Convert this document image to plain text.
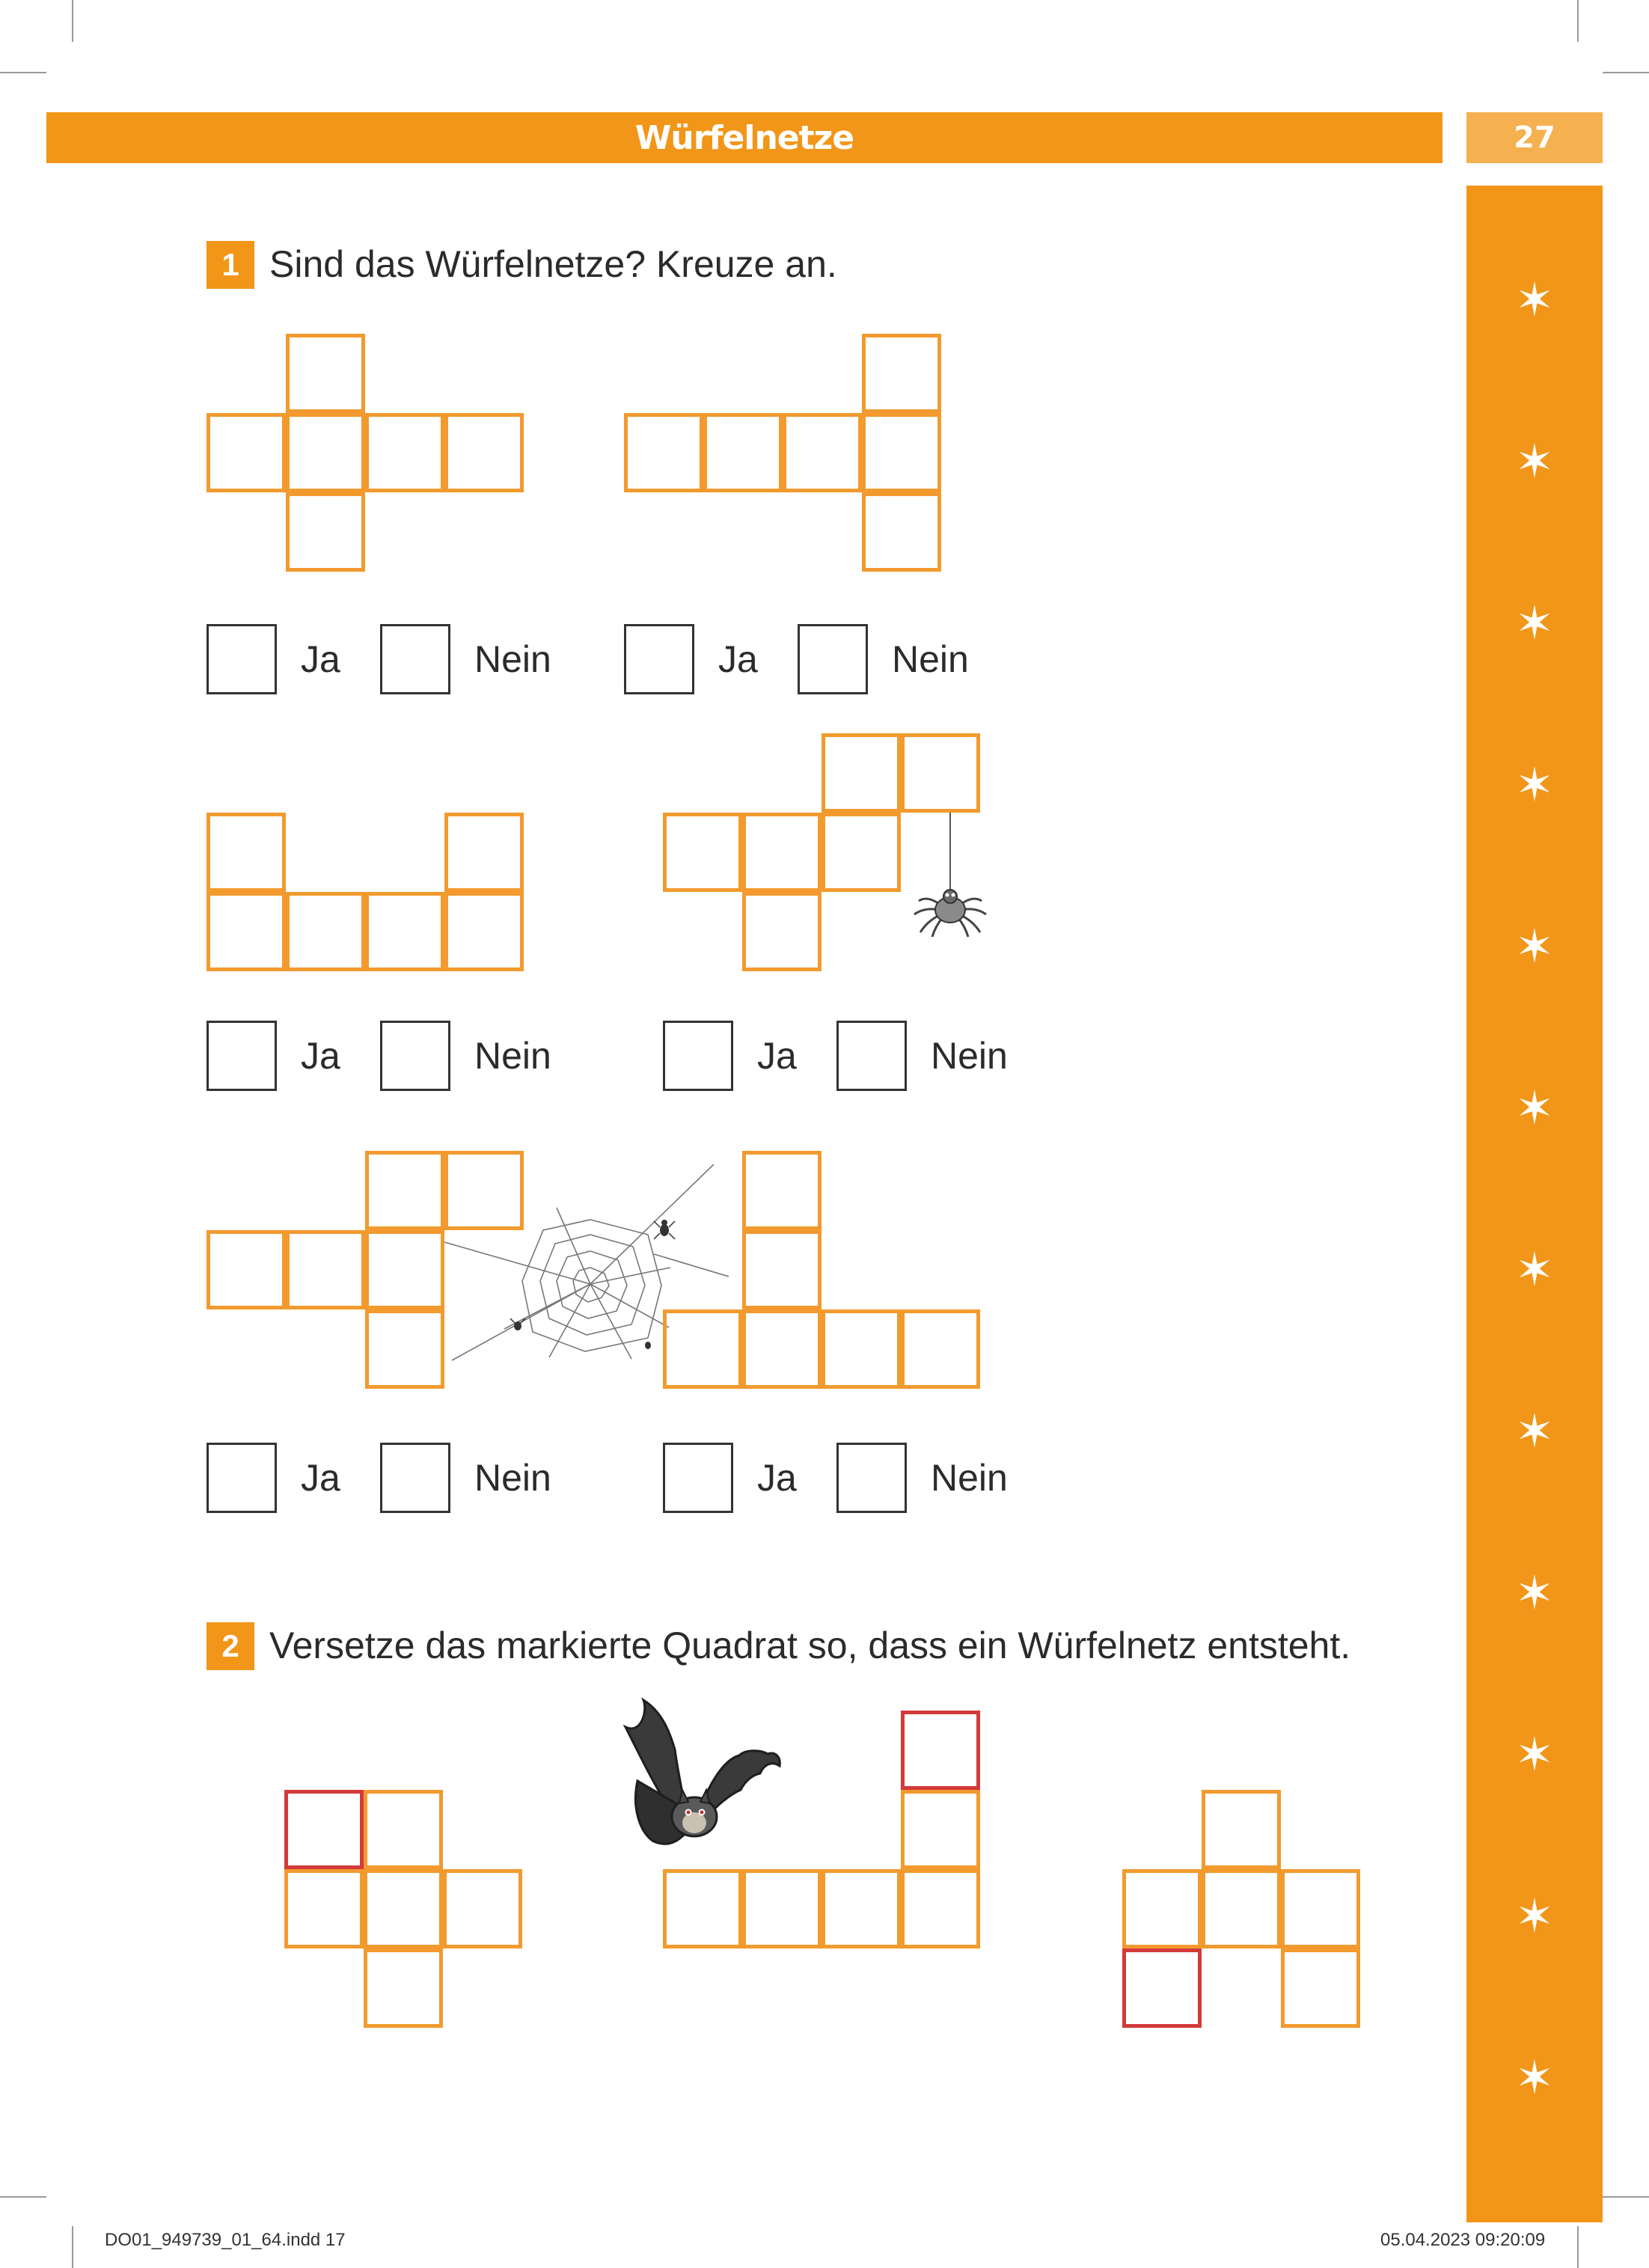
Würfelnetze	27
✶
✶
✶
✶
✶
✶
✶
✶
✶
✶
✶
✶
1 Sind das Würfelnetze? Kreuze an.
Ja	Nein	Ja	Nein
Ja	Nein	Ja	Nein
Ja	Nein	Ja	Nein
2 Versetze das markierte Quadrat so, dass ein Würfelnetz entsteht.
DO01_949739_01_64.indd 17	05.04.2023 09:20:09
